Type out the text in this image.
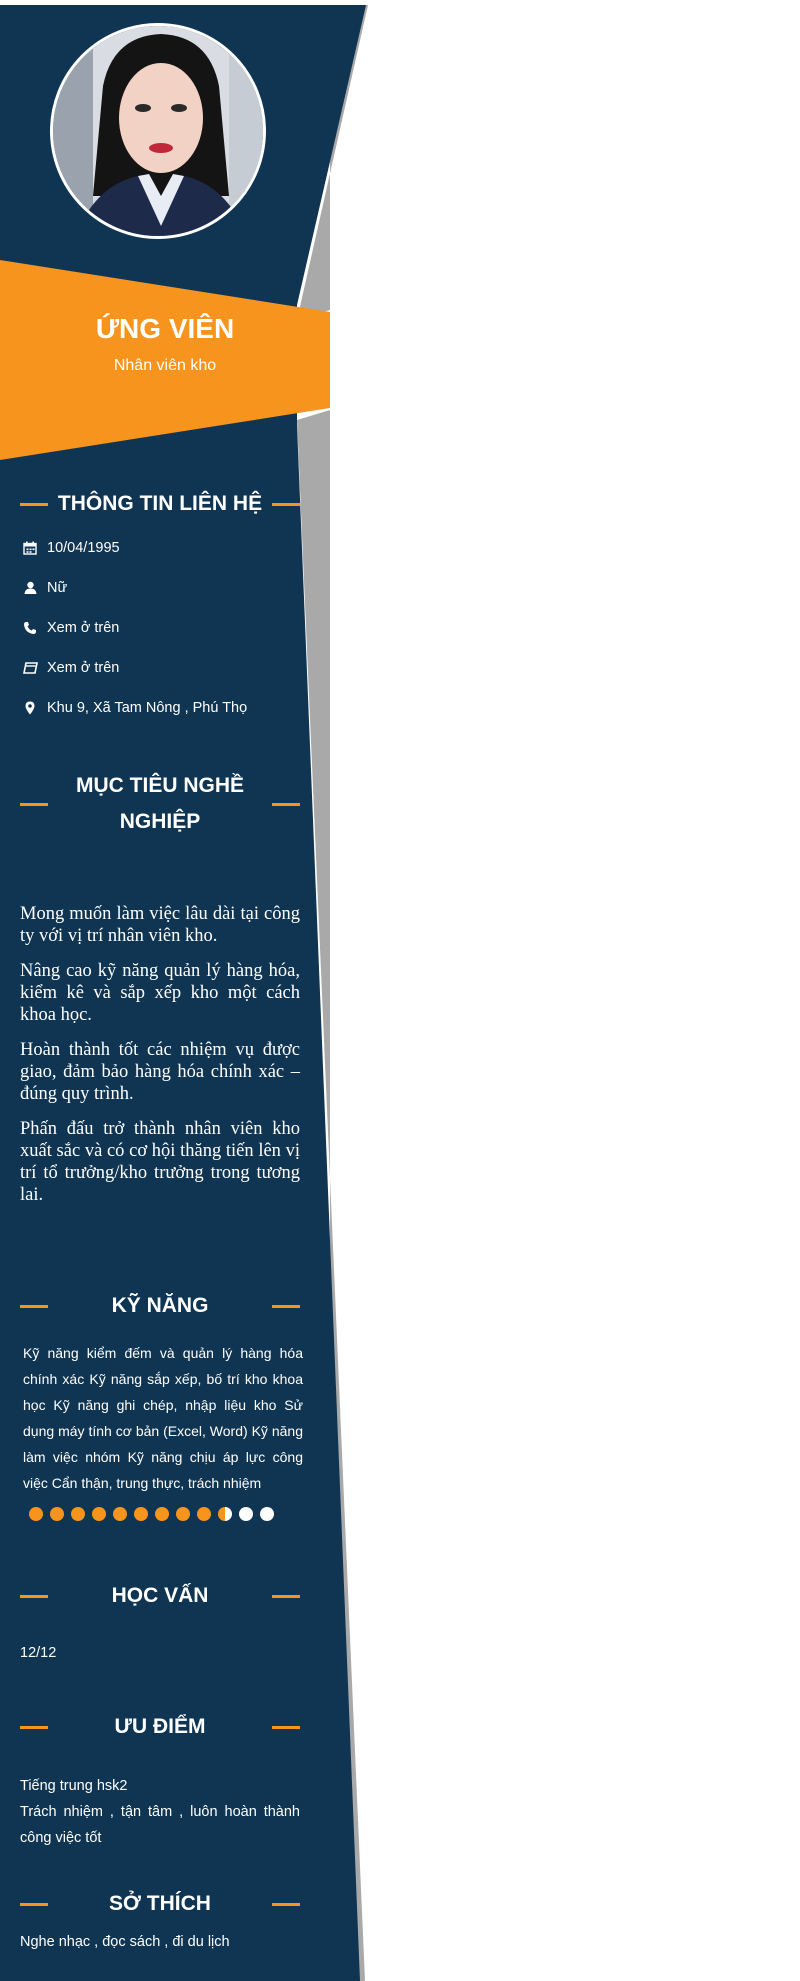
ỨNG VIÊN
Nhân viên kho
THÔNG TIN LIÊN HỆ
10/04/1995
Nữ
Xem ở trên
Xem ở trên
Khu 9, Xã Tam Nông , Phú Thọ
MỤC TIÊU NGHỀ
NGHIỆP

Mong muốn làm việc lâu dài tại công ty với vị trí nhân viên kho.

Nâng cao kỹ năng quản lý hàng hóa, kiểm kê và sắp xếp kho một cách khoa học.

Hoàn thành tốt các nhiệm vụ được giao, đảm bảo hàng hóa chính xác – đúng quy trình.

Phấn đấu trở thành nhân viên kho xuất sắc và có cơ hội thăng tiến lên vị trí tổ trưởng/kho trưởng trong tương lai.

KỸ NĂNG

Kỹ năng kiểm đếm và quản lý hàng hóa chính xác Kỹ năng sắp xếp, bố trí kho khoa học Kỹ năng ghi chép, nhập liệu kho Sử dụng máy tính cơ bản (Excel, Word) Kỹ năng làm việc nhóm Kỹ năng chịu áp lực công việc Cẩn thận, trung thực, trách nhiệm

HỌC VẤN
12/12
ƯU ĐIỂM

Tiếng trung hsk2

Trách nhiệm , tận tâm , luôn hoàn thành công việc tốt

SỞ THÍCH
Nghe nhạc , đọc sách , đi du lịch
